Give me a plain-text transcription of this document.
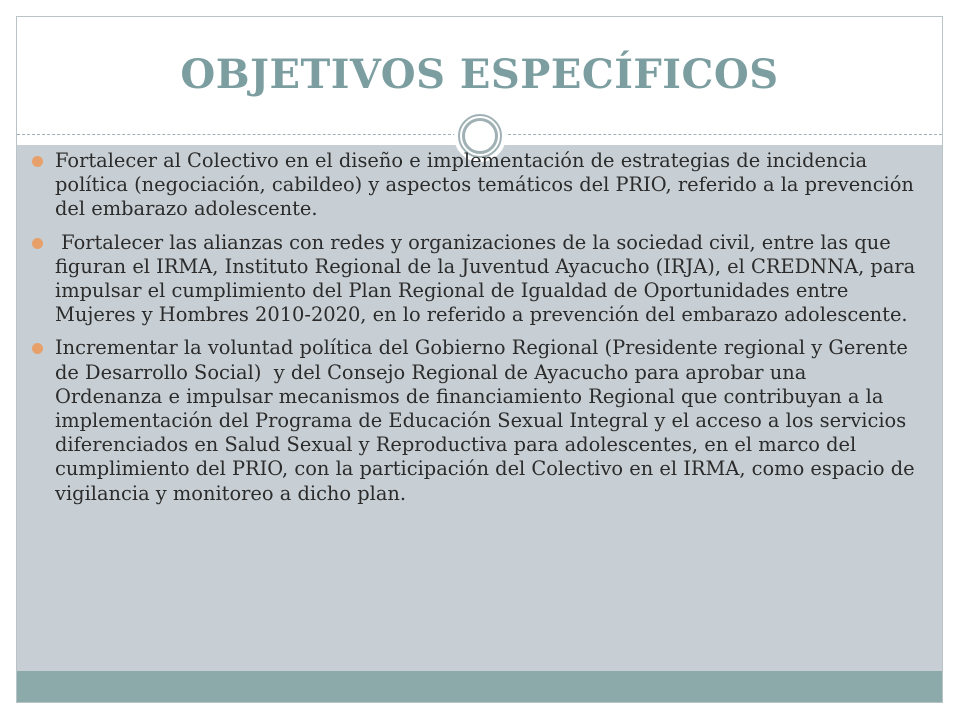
OBJETIVOS ESPECÍFICOS
Fortalecer al Colectivo en el diseño e implementación de estrategias de incidencia política (negociación, cabildeo) y aspectos temáticos del PRIO, referido a la prevención del embarazo adolescente.
Fortalecer las alianzas con redes y organizaciones de la sociedad civil, entre las que figuran el IRMA, Instituto Regional de la Juventud Ayacucho (IRJA), el CREDNNA, para impulsar el cumplimiento del Plan Regional de Igualdad de Oportunidades entre Mujeres y Hombres 2010-2020, en lo referido a prevención del embarazo adolescente.
Incrementar la voluntad política del Gobierno Regional (Presidente regional y Gerente de Desarrollo Social)  y del Consejo Regional de Ayacucho para aprobar una Ordenanza e impulsar mecanismos de financiamiento Regional que contribuyan a la implementación del Programa de Educación Sexual Integral y el acceso a los servicios diferenciados en Salud Sexual y Reproductiva para adolescentes, en el marco del cumplimiento del PRIO, con la participación del Colectivo en el IRMA, como espacio de vigilancia y monitoreo a dicho plan.
